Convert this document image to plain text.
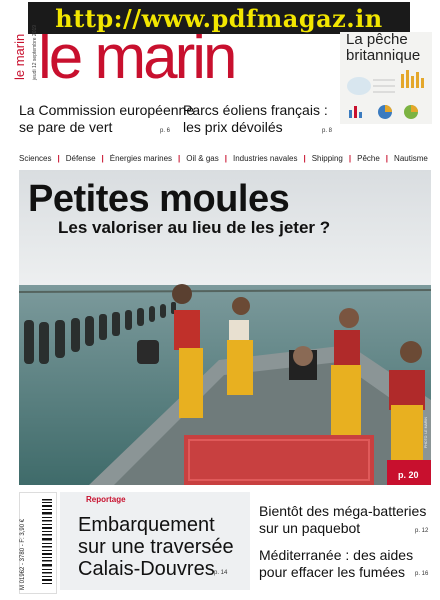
http://www.pdfmagaz.in
le marin jeudi 12 septembre 2019 le marin	La pêche
britannique
La Commission européenne
se pare de vert	p. 6
Parcs éoliens français :
les prix dévoilés	p. 8
Sciences | Défense | Énergies marines | Oil & gas | Industries navales | Shipping | Pêche | Nautisme
Petites moules
Les valoriser au lieu de les jeter ?
p. 20
PHOTO: LE MARIN
M 01962 - 3780 - F: 3,90 €
Reportage
Embarquement
sur une traversée
Calais-Douvres p. 14
Bientôt des méga-batteries
sur un paquebot	p. 12
Méditerranée : des aides
pour effacer les fumées	p. 16
